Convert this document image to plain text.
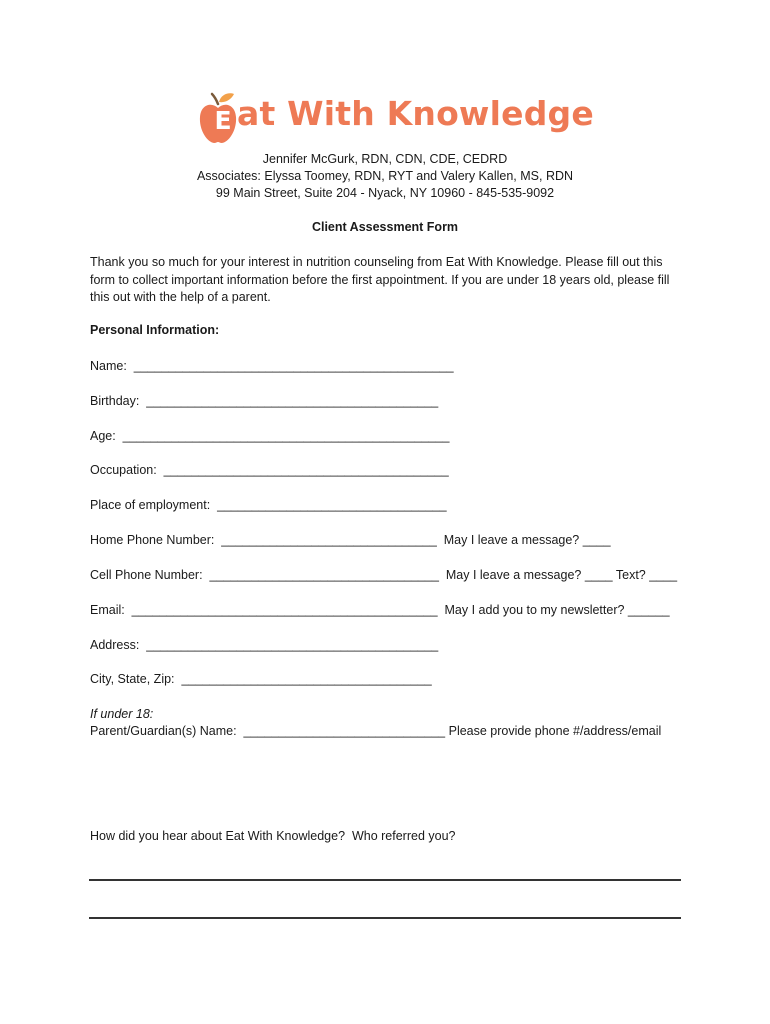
E at With Knowledge
Jennifer McGurk, RDN, CDN, CDE, CEDRD
Associates: Elyssa Toomey, RDN, RYT and Valery Kallen, MS, RDN
99 Main Street, Suite 204 - Nyack, NY 10960 - 845-535-9092
Client Assessment Form
Thank you so much for your interest in nutrition counseling from Eat With Knowledge. Please fill out this form to collect important information before the first appointment. If you are under 18 years old, please fill this out with the help of a parent.
Personal Information:
Name:  ______________________________________________
Birthday:  __________________________________________
Age:  _______________________________________________
Occupation:  _________________________________________
Place of employment:  _________________________________
Home Phone Number:  _______________________________  May I leave a message? ____
Cell Phone Number:  _________________________________  May I leave a message? ____ Text? ____
Email:  ____________________________________________  May I add you to my newsletter? ______
Address:  __________________________________________
City, State, Zip:  ____________________________________
If under 18:
Parent/Guardian(s) Name:  _____________________________ Please provide phone #/address/email
How did you hear about Eat With Knowledge?  Who referred you?
